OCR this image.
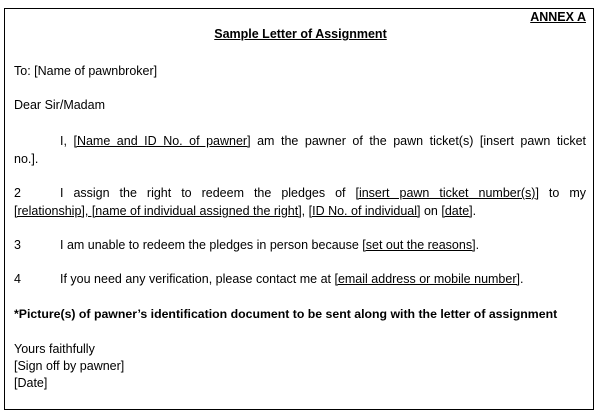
ANNEX A
Sample Letter of Assignment
To: [Name of pawnbroker]
Dear Sir/Madam
I, [Name and ID No. of pawner] am the pawner of the pawn ticket(s) [insert pawn ticket
no.].
2	I assign the right to redeem the pledges of [insert pawn ticket number(s)] to my
[relationship], [name of individual assigned the right], [ID No. of individual] on [date].
3	I am unable to redeem the pledges in person because [set out the reasons].
4	If you need any verification, please contact me at [email address or mobile number].
*Picture(s) of pawner’s identification document to be sent along with the letter of assignment
Yours faithfully
[Sign off by pawner]
[Date]
